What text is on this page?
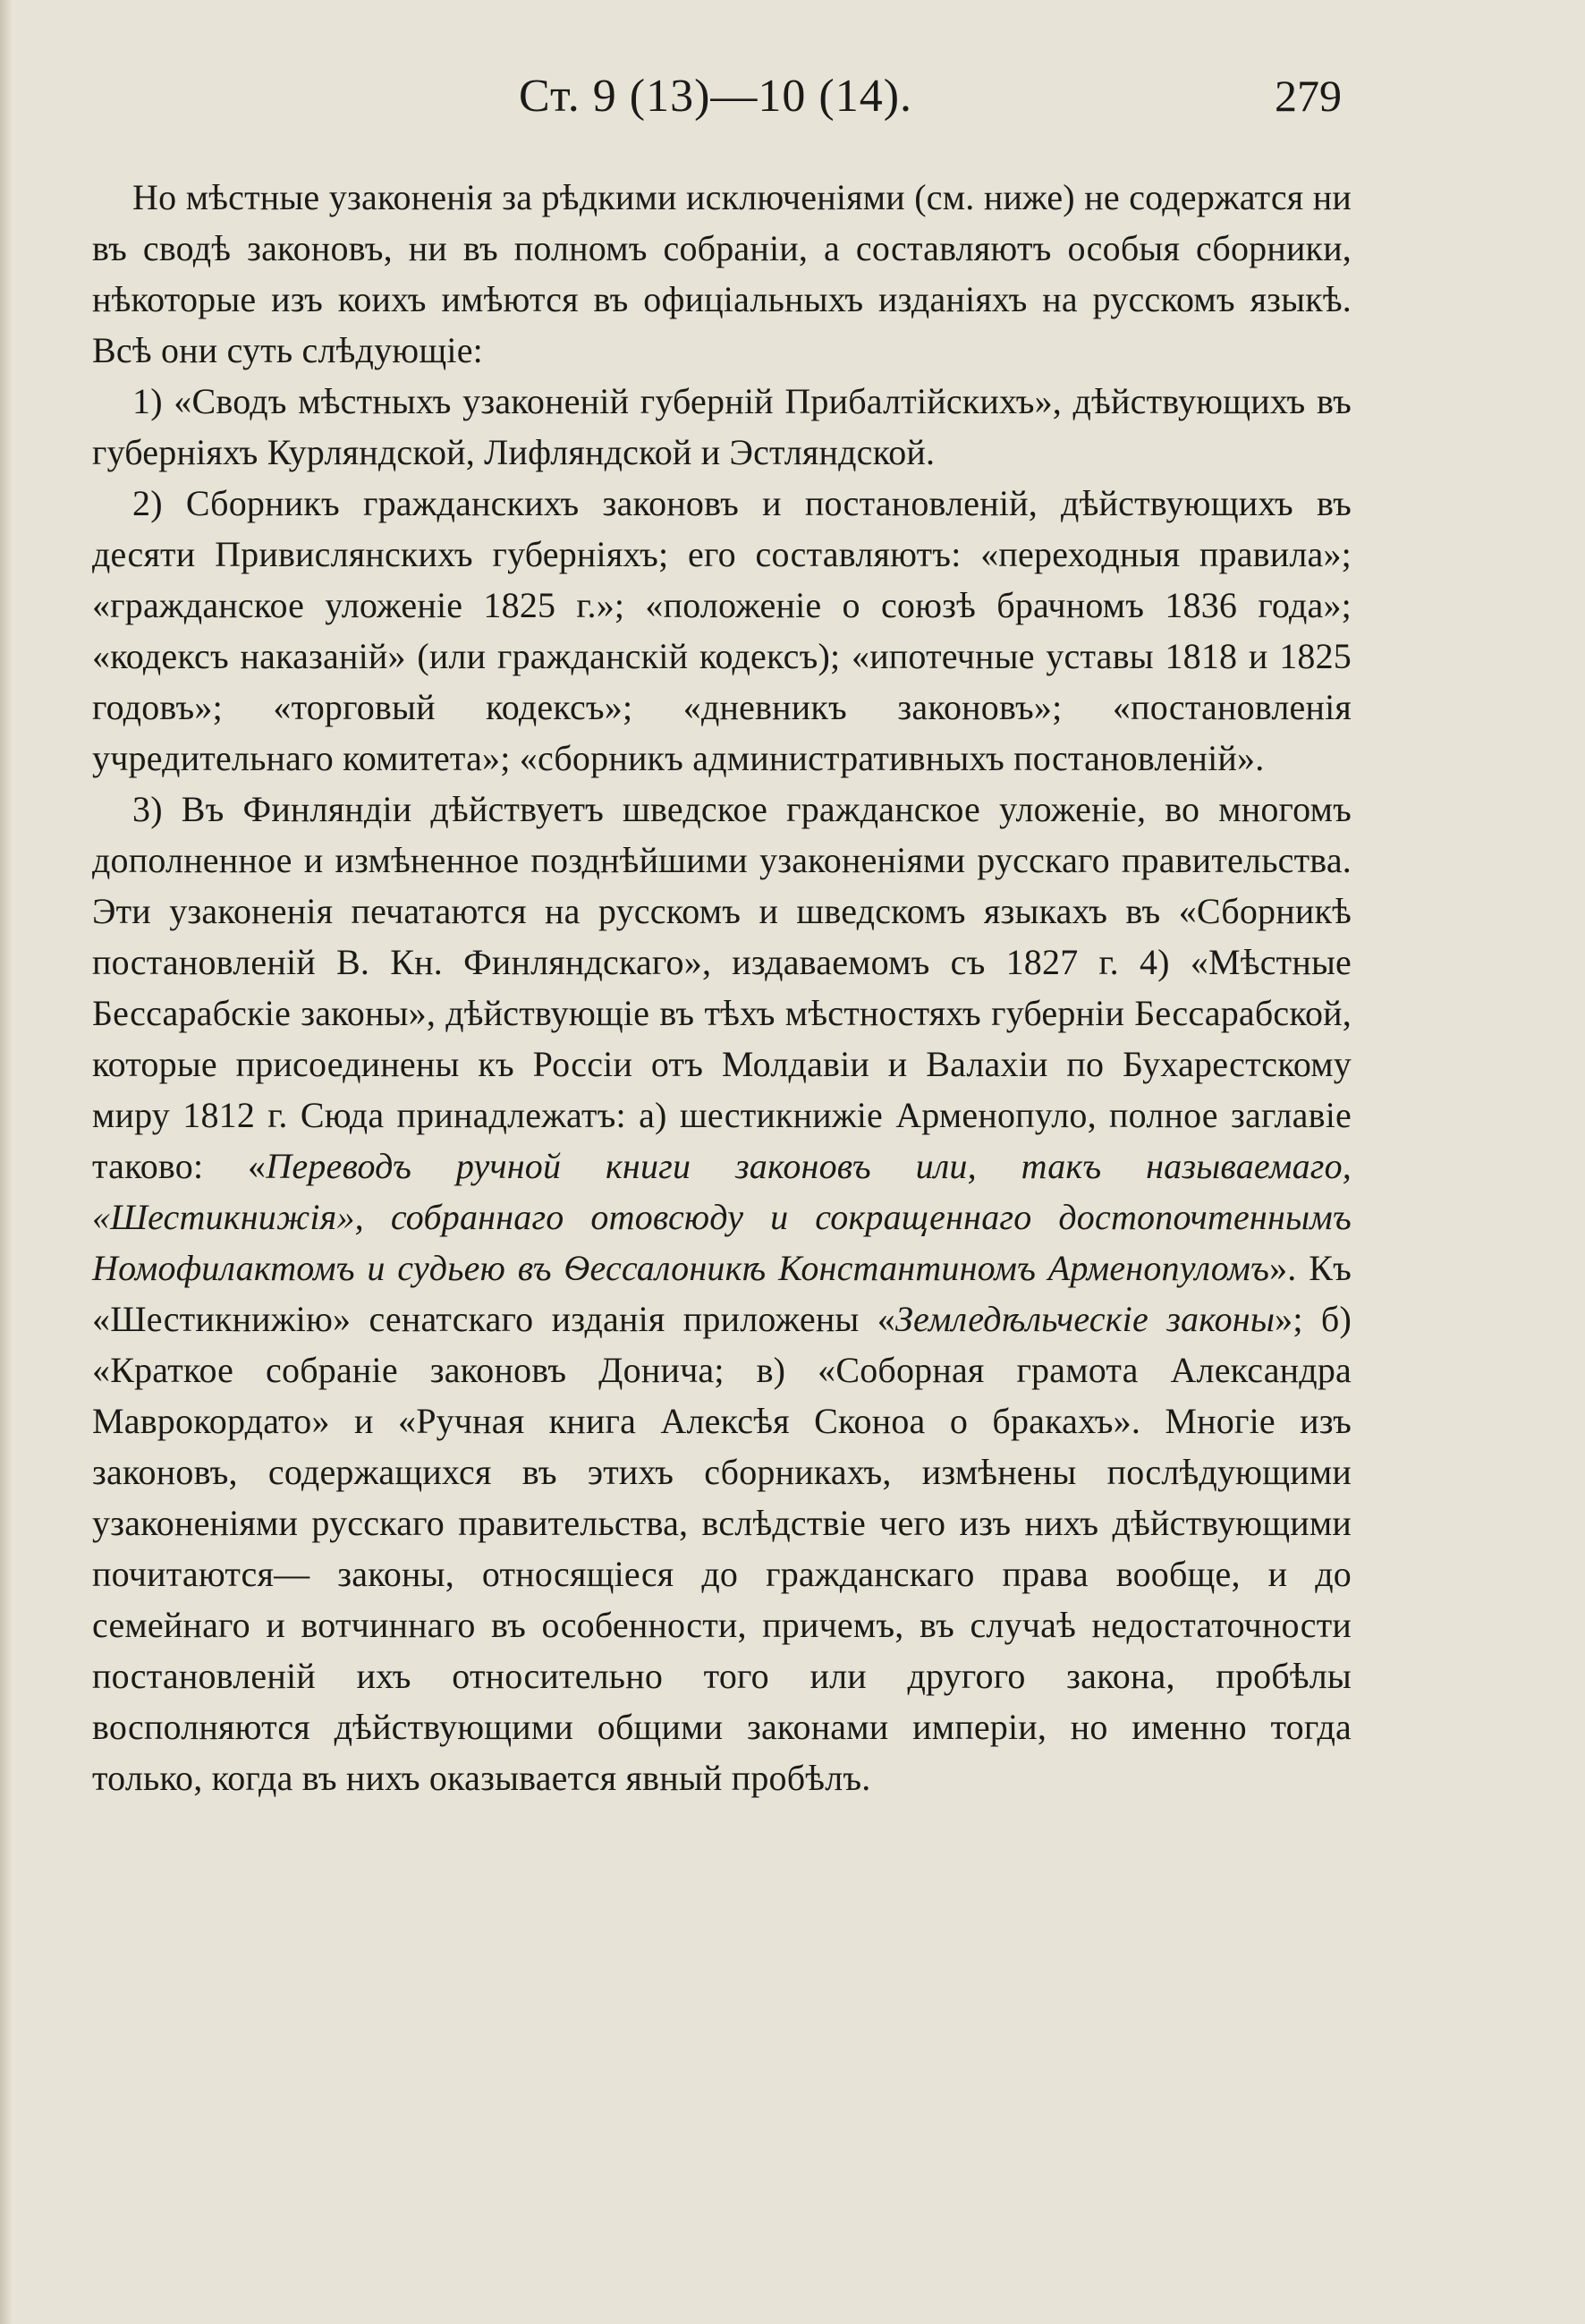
Ст. 9 (13)—10 (14).	279

Но мѣстные узаконенія за рѣдкими исключеніями (см. ниже) не содержатся ни въ сводѣ законовъ, ни въ полномъ собраніи, а составляютъ особыя сборники, нѣкоторые изъ коихъ имѣются въ офиціальныхъ изданіяхъ на русскомъ языкѣ. Всѣ они суть слѣдующіе:

1) «Сводъ мѣстныхъ узаконеній губерній Прибалтійскихъ», дѣйствующихъ въ губерніяхъ Курляндской, Лифляндской и Эстляндской.

2) Сборникъ гражданскихъ законовъ и постановленій, дѣйствующихъ въ десяти Привислянскихъ губерніяхъ; его составляютъ: «переходныя правила»; «гражданское уложеніе 1825 г.»; «положеніе о союзѣ брачномъ 1836 года»; «кодексъ наказаній» (или гражданскій кодексъ); «ипотечные уставы 1818 и 1825 годовъ»; «торговый кодексъ»; «дневникъ законовъ»; «постановленія учредительнаго комитета»; «сборникъ административныхъ постановленій».

3) Въ Финляндіи дѣйствуетъ шведское гражданское уложеніе, во многомъ дополненное и измѣненное позднѣйшими узаконеніями русскаго правительства. Эти узаконенія печатаются на русскомъ и шведскомъ языкахъ въ «Сборникѣ постановленій В. Кн. Финляндскаго», издаваемомъ съ 1827 г. 4) «Мѣстные Бессарабскіе законы», дѣйствующіе въ тѣхъ мѣстностяхъ губерніи Бессарабской, которые присоединены къ Россіи отъ Молдавіи и Валахіи по Бухарестскому миру 1812 г. Сюда принадлежатъ: а) шестикнижіе Арменопуло, полное заглавіе таково: «Переводъ ручной книги законовъ или, такъ называемаго, «Шестикнижія», собраннаго отовсюду и сокращеннаго достопочтеннымъ Номофилактомъ и судьею въ Ѳессалоникѣ Константиномъ Арменопуломъ». Къ «Шестикнижію» сенатскаго изданія приложены «Земледѣльческіе законы»; б) «Краткое собраніе законовъ Донича; в) «Соборная грамота Александра Маврокордато» и «Ручная книга Алексѣя Сконоа о бракахъ». Многіе изъ законовъ, содержащихся въ этихъ сборникахъ, измѣнены послѣдующими узаконеніями русскаго правительства, вслѣдствіе чего изъ нихъ дѣйствующими почитаются— законы, относящіеся до гражданскаго права вообще, и до семейнаго и вотчиннаго въ особенности, причемъ, въ случаѣ недостаточности постановленій ихъ относительно того или другого закона, пробѣлы восполняются дѣйствующими общими законами имперіи, но именно тогда только, когда въ нихъ оказывается явный пробѣлъ.
